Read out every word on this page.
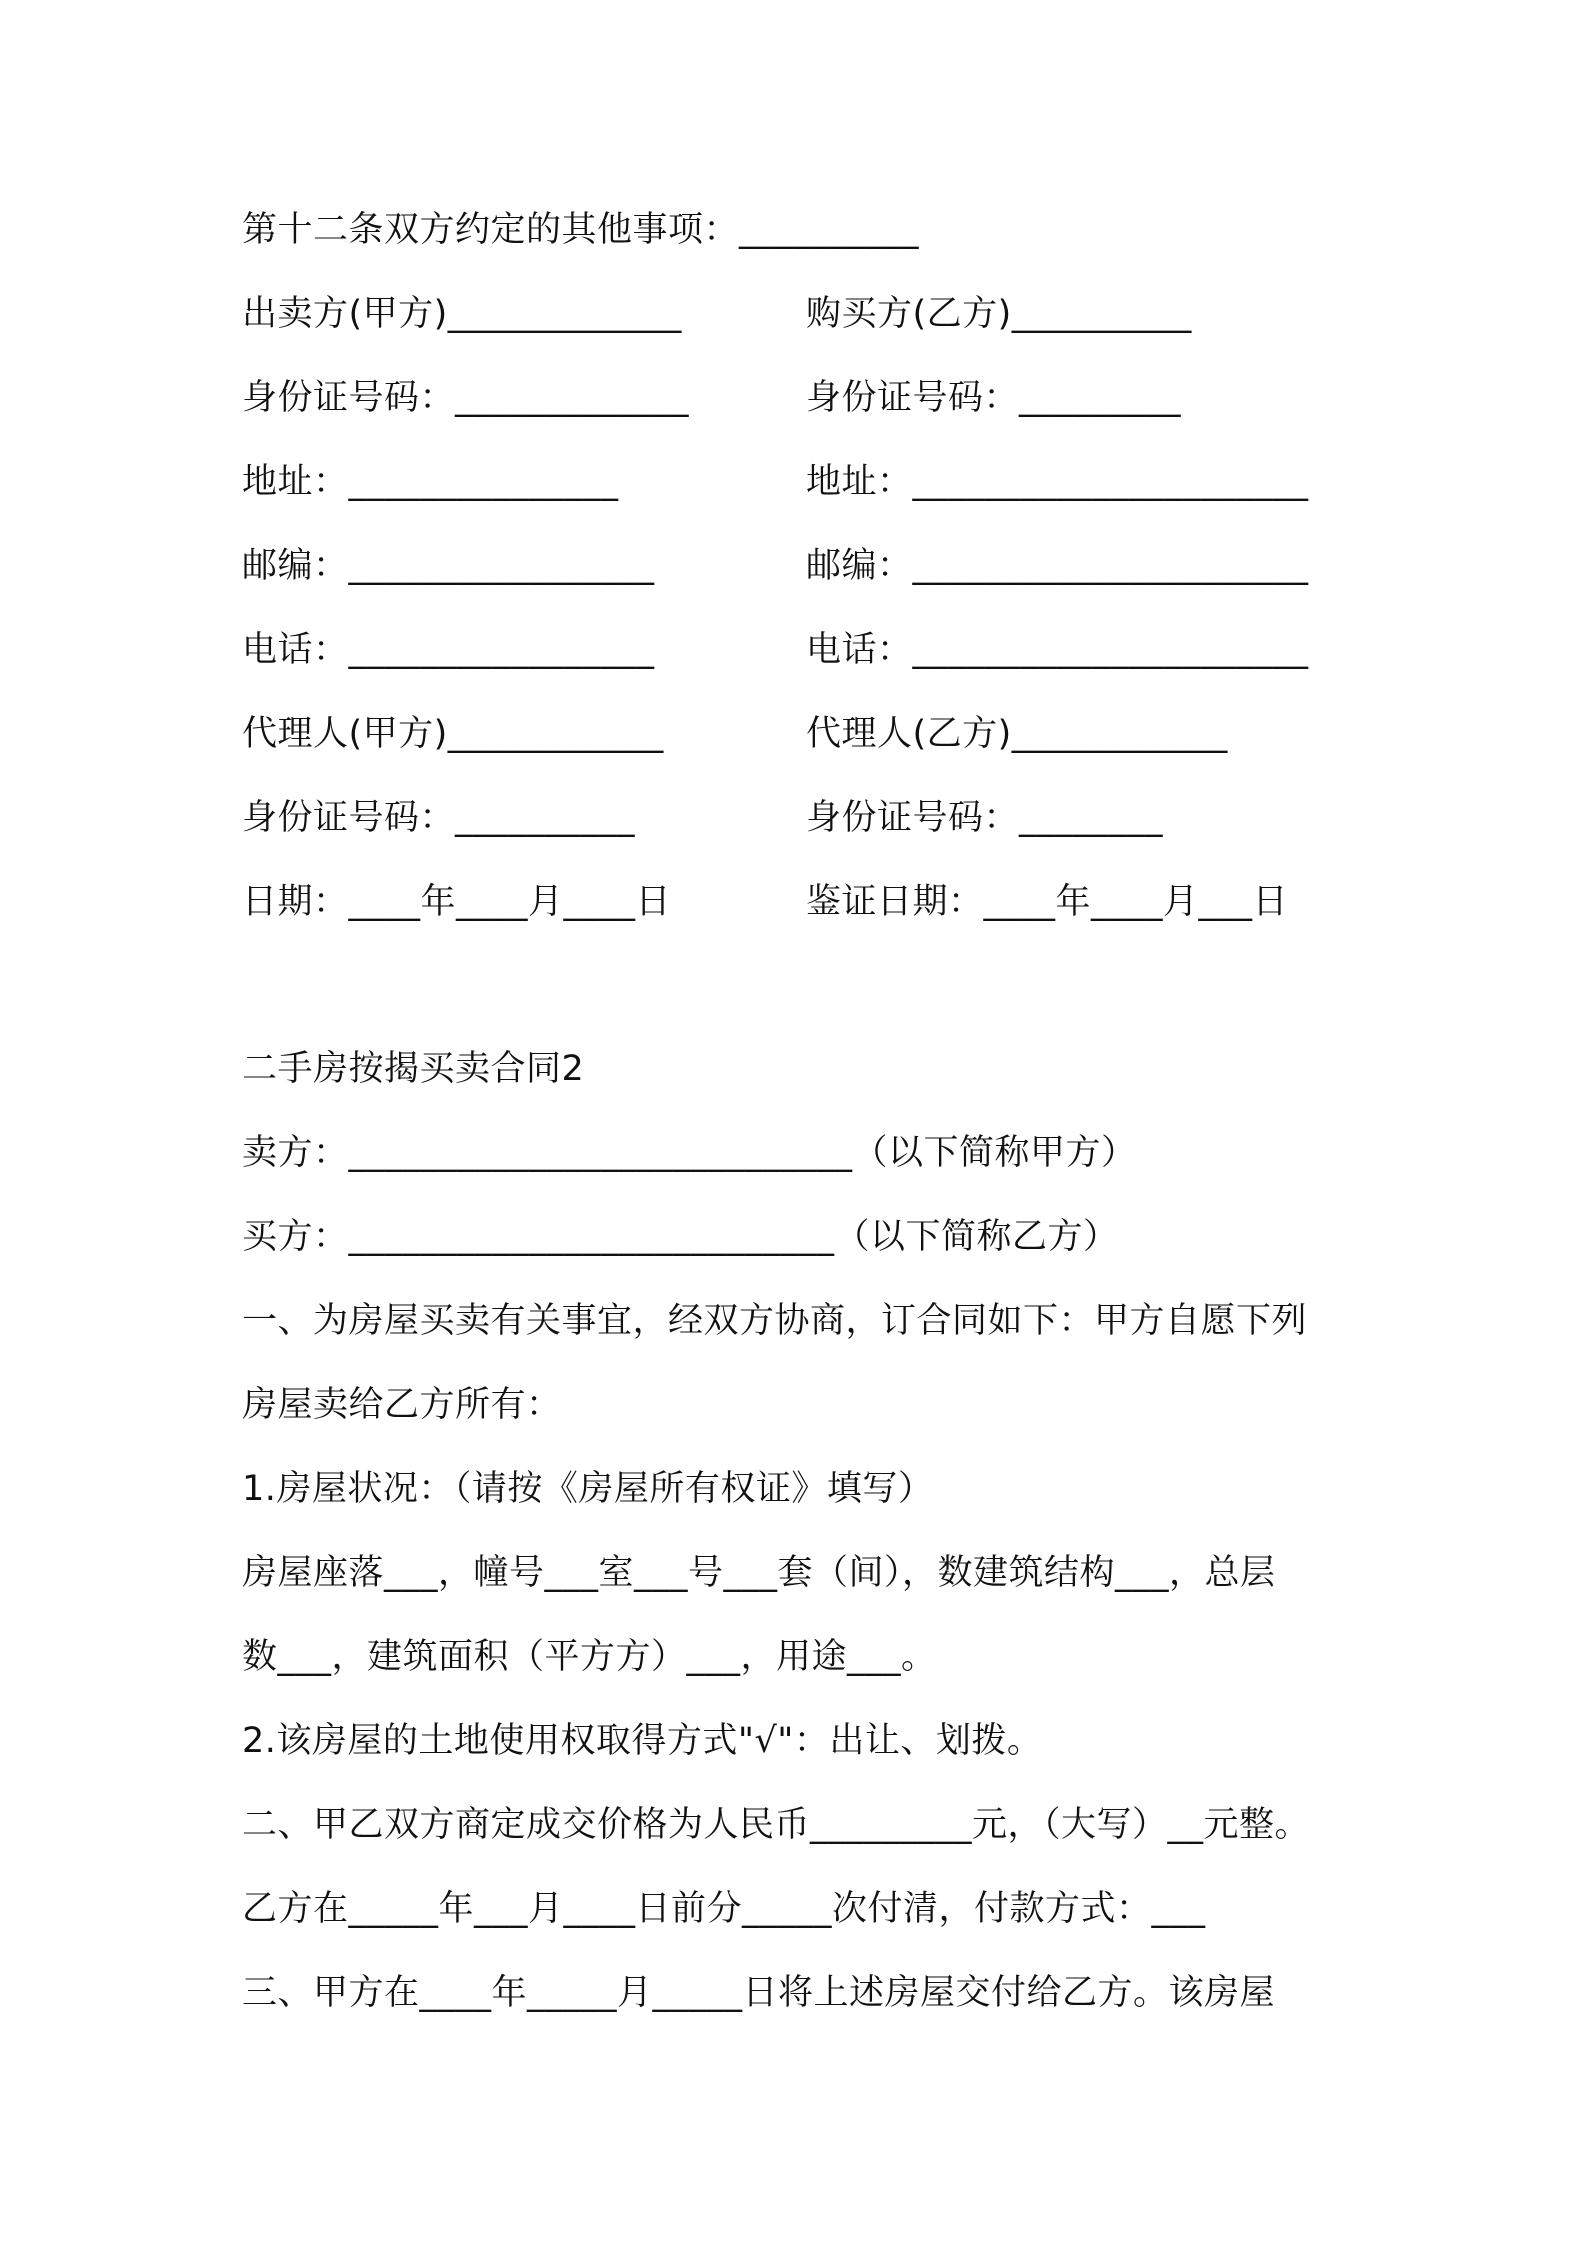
第十二条双方约定的其他事项：__________
出卖方(甲方)_____________	购买方(乙方)__________
身份证号码：_____________	身份证号码：_________
地址：_______________	地址：______________________
邮编：_________________	邮编：______________________
电话：_________________	电话：______________________
代理人(甲方)____________	代理人(乙方)____________
身份证号码：__________	身份证号码：________
日期：____年____月____日	鉴证日期：____年____月___日
二手房按揭买卖合同2
卖方：____________________________（以下简称甲方）
买方：___________________________（以下简称乙方）
一、为房屋买卖有关事宜，经双方协商，订合同如下：甲方自愿下列
房屋卖给乙方所有：
1.房屋状况：（请按《房屋所有权证》填写）
房屋座落___，幢号___室___号___套（间），数建筑结构___，总层
数___，建筑面积（平方方）___，用途___。
2.该房屋的土地使用权取得方式"√"：出让、划拨。
二、甲乙双方商定成交价格为人民币_________元，（大写）__元整。
乙方在_____年___月____日前分_____次付清，付款方式：___
三、甲方在____年_____月_____日将上述房屋交付给乙方。该房屋
